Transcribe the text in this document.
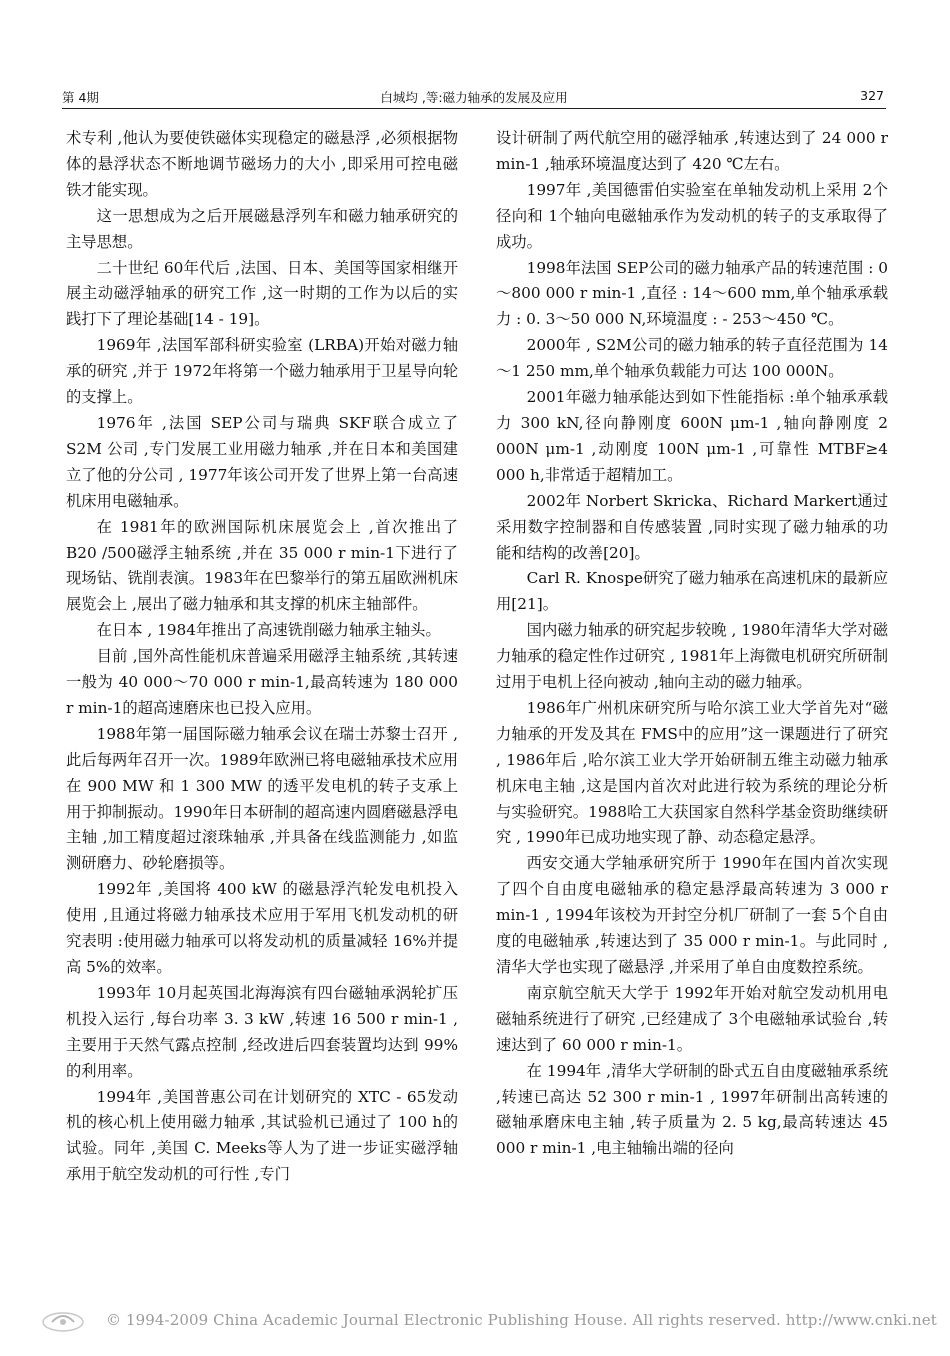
第 4期	白城均 ,等:磁力轴承的发展及应用	327

术专利 ,他认为要使铁磁体实现稳定的磁悬浮 ,必须根据物体的悬浮状态不断地调节磁场力的大小 ,即采用可控电磁铁才能实现。

这一思想成为之后开展磁悬浮列车和磁力轴承研究的主导思想。

二十世纪 60年代后 ,法国、日本、美国等国家相继开展主动磁浮轴承的研究工作 ,这一时期的工作为以后的实践打下了理论基础[14 - 19]。

1969年 ,法国军部科研实验室 (LRBA)开始对磁力轴承的研究 ,并于 1972年将第一个磁力轴承用于卫星导向轮的支撑上。

1976年 ,法国 SEP公司与瑞典 SKF联合成立了 S2M 公司 ,专门发展工业用磁力轴承 ,并在日本和美国建立了他的分公司 , 1977年该公司开发了世界上第一台高速机床用电磁轴承。

在 1981年的欧洲国际机床展览会上 ,首次推出了 B20 /500磁浮主轴系统 ,并在 35 000 r min-1下进行了现场钻、铣削表演。1983年在巴黎举行的第五届欧洲机床展览会上 ,展出了磁力轴承和其支撑的机床主轴部件。

在日本 , 1984年推出了高速铣削磁力轴承主轴头。

目前 ,国外高性能机床普遍采用磁浮主轴系统 ,其转速一般为 40 000～70 000 r min-1,最高转速为 180 000 r min-1的超高速磨床也已投入应用。

1988年第一届国际磁力轴承会议在瑞士苏黎士召开 ,此后每两年召开一次。1989年欧洲已将电磁轴承技术应用在 900 MW 和 1 300 MW 的透平发电机的转子支承上用于抑制振动。1990年日本研制的超高速内圆磨磁悬浮电主轴 ,加工精度超过滚珠轴承 ,并具备在线监测能力 ,如监测研磨力、砂轮磨损等。

1992年 ,美国将 400 kW 的磁悬浮汽轮发电机投入使用 ,且通过将磁力轴承技术应用于军用飞机发动机的研究表明 :使用磁力轴承可以将发动机的质量减轻 16%并提高 5%的效率。

1993年 10月起英国北海海滨有四台磁轴承涡轮扩压机投入运行 ,每台功率 3. 3 kW ,转速 16 500 r min-1 ,主要用于天然气露点控制 ,经改进后四套装置均达到 99%的利用率。

1994年 ,美国普惠公司在计划研究的 XTC - 65发动机的核心机上使用磁力轴承 ,其试验机已通过了 100 h的试验。同年 ,美国 C. Meeks等人为了进一步证实磁浮轴承用于航空发动机的可行性 ,专门

设计研制了两代航空用的磁浮轴承 ,转速达到了 24 000 r min-1 ,轴承环境温度达到了 420 ℃左右。

1997年 ,美国德雷伯实验室在单轴发动机上采用 2个径向和 1个轴向电磁轴承作为发动机的转子的支承取得了成功。

1998年法国 SEP公司的磁力轴承产品的转速范围 : 0～800 000 r min-1 ,直径 : 14～600 mm,单个轴承承载力 : 0. 3～50 000 N,环境温度 : - 253～450 ℃。

2000年 , S2M公司的磁力轴承的转子直径范围为 14～1 250 mm,单个轴承负载能力可达 100 000N。

2001年磁力轴承能达到如下性能指标 :单个轴承承载力 300 kN,径向静刚度 600N μm-1 ,轴向静刚度 2 000N μm-1 ,动刚度 100N μm-1 ,可靠性 MTBF≥4 000 h,非常适于超精加工。

2002年 Norbert Skricka、Richard Markert通过采用数字控制器和自传感装置 ,同时实现了磁力轴承的功能和结构的改善[20]。

Carl R. Knospe研究了磁力轴承在高速机床的最新应用[21]。

国内磁力轴承的研究起步较晚 , 1980年清华大学对磁力轴承的稳定性作过研究 , 1981年上海微电机研究所研制过用于电机上径向被动 ,轴向主动的磁力轴承。

1986年广州机床研究所与哈尔滨工业大学首先对“磁力轴承的开发及其在 FMS中的应用”这一课题进行了研究 , 1986年后 ,哈尔滨工业大学开始研制五维主动磁力轴承机床电主轴 ,这是国内首次对此进行较为系统的理论分析与实验研究。1988哈工大获国家自然科学基金资助继续研究 , 1990年已成功地实现了静、动态稳定悬浮。

西安交通大学轴承研究所于 1990年在国内首次实现了四个自由度电磁轴承的稳定悬浮最高转速为 3 000 r min-1 , 1994年该校为开封空分机厂研制了一套 5个自由度的电磁轴承 ,转速达到了 35 000 r min-1。与此同时 ,清华大学也实现了磁悬浮 ,并采用了单自由度数控系统。

南京航空航天大学于 1992年开始对航空发动机用电磁轴系统进行了研究 ,已经建成了 3个电磁轴承试验台 ,转速达到了 60 000 r min-1。

在 1994年 ,清华大学研制的卧式五自由度磁轴承系统 ,转速已高达 52 300 r min-1 , 1997年研制出高转速的磁轴承磨床电主轴 ,转子质量为 2. 5 kg,最高转速达 45 000 r min-1 ,电主轴输出端的径向

© 1994-2009 China Academic Journal Electronic Publishing House. All rights reserved. http://www.cnki.net
